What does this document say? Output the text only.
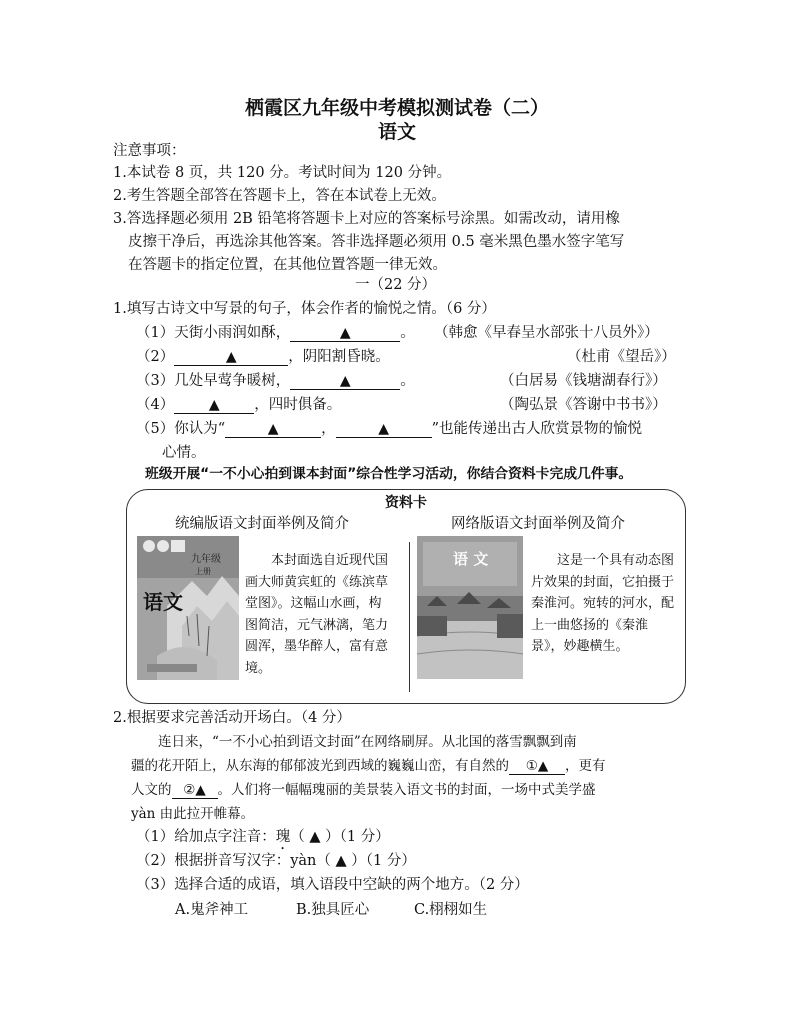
栖霞区九年级中考模拟测试卷（二）
语文
注意事项：
1.本试卷 8 页，共 120 分。考试时间为 120 分钟。
2.考生答题全部答在答题卡上，答在本试卷上无效。
3.答选择题必须用 2B 铅笔将答题卡上对应的答案标号涂黑。如需改动，请用橡
皮擦干净后，再选涂其他答案。答非选择题必须用 0.5 毫米黑色墨水签字笔写
在答题卡的指定位置，在其他位置答题一律无效。
一（22 分）
1.填写古诗文中写景的句子，体会作者的愉悦之情。（6 分）
（1）天街小雨润如酥，	▲	。 （韩愈《早春呈水部张十八员外》）
（2）	▲	，阴阳割昏晓。	（杜甫《望岳》）
（3）几处早莺争暖树，	▲	。	（白居易《钱塘湖春行》）
（4） ▲ ，四时俱备。	（陶弘景《答谢中书书》）
（5）你认为“	▲	，	▲	”也能传递出古人欣赏景物的愉悦
心情。
班级开展“一不小心拍到课本封面”综合性学习活动，你结合资料卡完成几件事。
资料卡
统编版语文封面举例及简介	网络版语文封面举例及简介
九年级
上册
语文
本封面选自近现代国画大师黄宾虹的《练滨草堂图》。这幅山水画，构图简洁，元气淋漓，笔力圆浑，墨华醉人，富有意境。
语 文	这是一个具有动态图片效果的封面，它拍摄于秦淮河。宛转的河水，配上一曲悠扬的《秦淮景》，妙趣横生。
2.根据要求完善活动开场白。（4 分）
连日来，“一不小心拍到语文封面”在网络刷屏。从北国的落雪飘飘到南
疆的花开陌上，从东海的郁郁波光到西域的巍巍山峦，有自然的 ①▲ ，更有
人文的 ②▲ 。人们将一幅幅瑰丽的美景装入语文书的封面，一场中式美学盛
yàn 由此拉开帷幕。
（1）给加点字注音：瑰（ ▲ ）（1 分）
（2）根据拼音写汉字：yàn（ ▲ ）（1 分）
（3）选择合适的成语，填入语段中空缺的两个地方。（2 分）
A.鬼斧神工	B.独具匠心	C.栩栩如生
